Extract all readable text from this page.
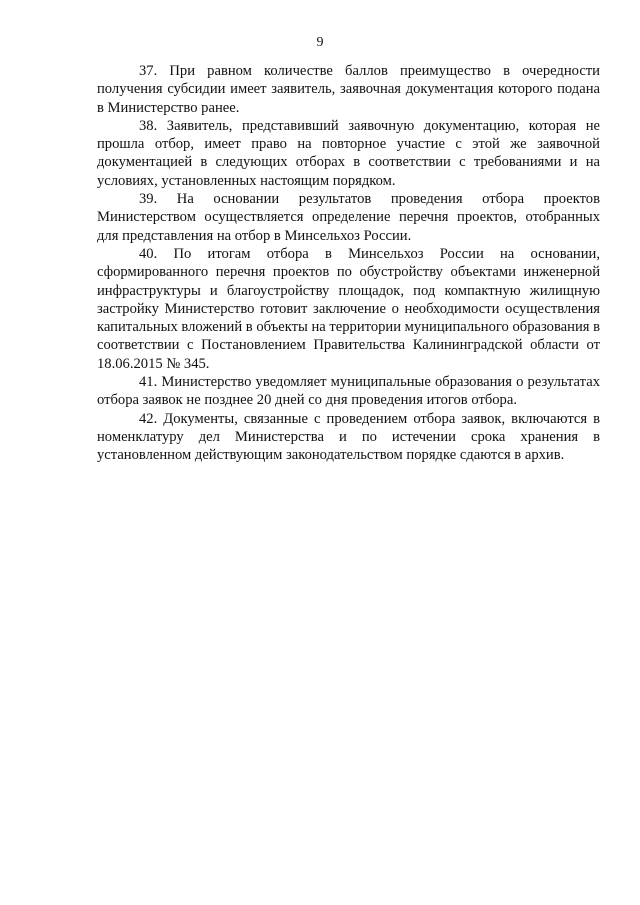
9

37. При равном количестве баллов преимущество в очередности получения субсидии имеет заявитель, заявочная документация которого подана в Министерство ранее.

38. Заявитель, представивший заявочную документацию, которая не прошла отбор, имеет право на повторное участие с этой же заявочной документацией в следующих отборах в соответствии с требованиями и на условиях, установленных настоящим порядком.

39. На основании результатов проведения отбора проектов Министерством осуществляется определение перечня проектов, отобранных для представления на отбор в Минсельхоз России.

40. По итогам отбора в Минсельхоз России на основании, сформированного перечня проектов по обустройству объектами инженерной инфраструктуры и благоустройству площадок, под компактную жилищную застройку Министерство готовит заключение о необходимости осуществления капитальных вложений в объекты на территории муниципального образования в соответствии с Постановлением Правительства Калининградской области от 18.06.2015 № 345.

41. Министерство уведомляет муниципальные образования о результатах отбора заявок не позднее 20 дней со дня проведения итогов отбора.

42. Документы, связанные с проведением отбора заявок, включаются в номенклатуру дел Министерства и по истечении срока хранения в установленном действующим законодательством порядке сдаются в архив.
